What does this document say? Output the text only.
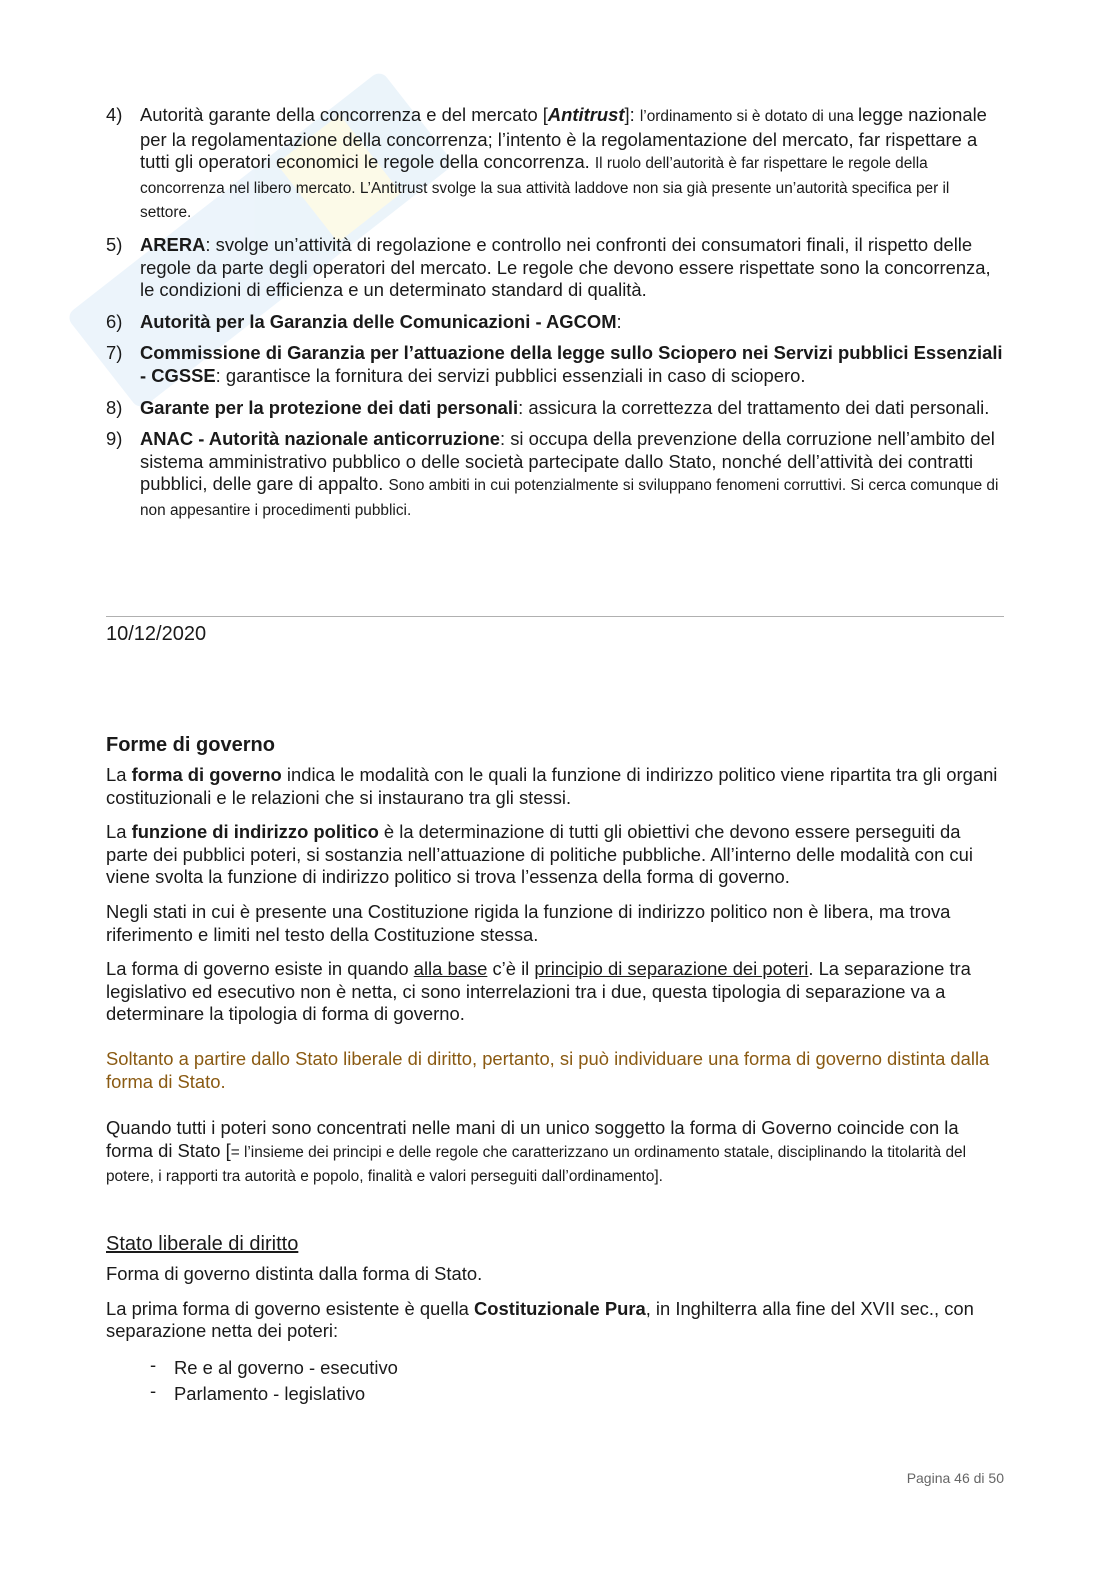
4) Autorità garante della concorrenza e del mercato [Antitrust]: l’ordinamento si è dotato di una legge nazionale per la regolamentazione della concorrenza; l’intento è la regolamentazione del mercato, far rispettare a tutti gli operatori economici le regole della concorrenza. Il ruolo dell’autorità è far rispettare le regole della concorrenza nel libero mercato. L’Antitrust svolge la sua attività laddove non sia già presente un’autorità specifica per il settore.
5) ARERA: svolge un’attività di regolazione e controllo nei confronti dei consumatori finali, il rispetto delle regole da parte degli operatori del mercato. Le regole che devono essere rispettate sono la concorrenza, le condizioni di efficienza e un determinato standard di qualità.
6) Autorità per la Garanzia delle Comunicazioni - AGCOM:
7) Commissione di Garanzia per l’attuazione della legge sullo Sciopero nei Servizi pubblici Essenziali - CGSSE: garantisce la fornitura dei servizi pubblici essenziali in caso di sciopero.
8) Garante per la protezione dei dati personali: assicura la correttezza del trattamento dei dati personali.
9) ANAC - Autorità nazionale anticorruzione: si occupa della prevenzione della corruzione nell’ambito del sistema amministrativo pubblico o delle società partecipate dallo Stato, nonché dell’attività dei contratti pubblici, delle gare di appalto. Sono ambiti in cui potenzialmente si sviluppano fenomeni corruttivi. Si cerca comunque di non appesantire i procedimenti pubblici.
10/12/2020
Forme di governo

La forma di governo indica le modalità con le quali la funzione di indirizzo politico viene ripartita tra gli organi costituzionali e le relazioni che si instaurano tra gli stessi.

La funzione di indirizzo politico è la determinazione di tutti gli obiettivi che devono essere perseguiti da parte dei pubblici poteri, si sostanzia nell’attuazione di politiche pubbliche. All’interno delle modalità con cui viene svolta la funzione di indirizzo politico si trova l’essenza della forma di governo.

Negli stati in cui è presente una Costituzione rigida la funzione di indirizzo politico non è libera, ma trova riferimento e limiti nel testo della Costituzione stessa.

La forma di governo esiste in quando alla base c’è il principio di separazione dei poteri. La separazione tra legislativo ed esecutivo non è netta, ci sono interrelazioni tra i due, questa tipologia di separazione va a determinare la tipologia di forma di governo.

Soltanto a partire dallo Stato liberale di diritto, pertanto, si può individuare una forma di governo distinta dalla forma di Stato.

Quando tutti i poteri sono concentrati nelle mani di un unico soggetto la forma di Governo coincide con la forma di Stato [= l’insieme dei principi e delle regole che caratterizzano un ordinamento statale, disciplinando la titolarità del potere, i rapporti tra autorità e popolo, finalità e valori perseguiti dall’ordinamento].

Stato liberale di diritto

Forma di governo distinta dalla forma di Stato.

La prima forma di governo esistente è quella Costituzionale Pura, in Inghilterra alla fine del XVII sec., con separazione netta dei poteri:

- Re e al governo - esecutivo
- Parlamento - legislativo
Pagina 46 di 50
